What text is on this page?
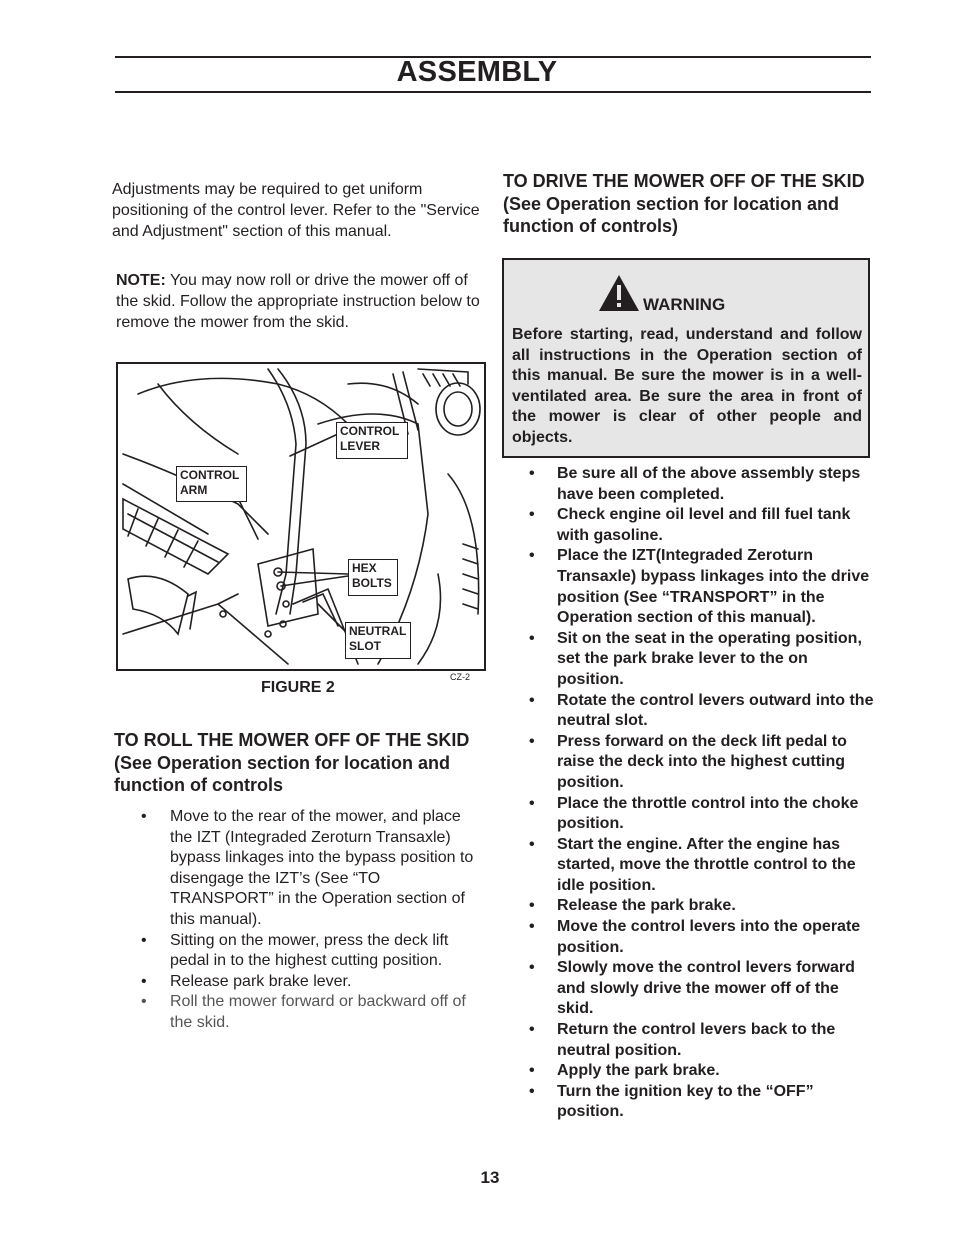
ASSEMBLY
Adjustments may be required to get uniform positioning of the control lever. Refer to the "Service and Adjustment" section of this manual.
NOTE: You may now roll or drive the mower off of the skid. Follow the appropriate instruction below to remove the mower from the skid.
CONTROL
LEVER
CONTROL
ARM
HEX
BOLTS
NEUTRAL
SLOT
CZ-2
FIGURE 2
TO ROLL THE MOWER OFF OF THE SKID (See Operation section for location and function of controls
• Move to the rear of the mower, and place the IZT (Integraded Zeroturn Transaxle) bypass linkages into the bypass position to disengage the IZT’s (See “TO TRANSPORT” in the Operation section of this manual).
• Sitting on the mower, press the deck lift pedal in to the highest cutting position.
• Release park brake lever.
• Roll the mower forward or backward off of the skid.
TO DRIVE THE MOWER OFF OF THE SKID (See Operation section for location and function of controls)
WARNING
Before starting, read, understand and follow all instructions in the Operation section of this manual. Be sure the mower is in a well-ventilated area. Be sure the area in front of the mower is clear of other people and objects.
• Be sure all of the above assembly steps have been completed.
• Check engine oil level and fill fuel tank with gasoline.
• Place the IZT(Integraded Zeroturn Transaxle) bypass linkages into the drive position (See “TRANSPORT” in the Operation section of this manual).
• Sit on the seat in the operating position, set the park brake lever to the on position.
• Rotate the control levers outward into the neutral slot.
• Press forward on the deck lift pedal to raise the deck into the highest cutting position.
• Place the throttle control into the choke position.
• Start the engine. After the engine has started, move the throttle control to the idle position.
• Release the park brake.
• Move the control levers into the operate position.
• Slowly move the control levers forward and slowly drive the mower off of the skid.
• Return the control levers back to the neutral position.
• Apply the park brake.
• Turn the ignition key to the “OFF” position.
13
